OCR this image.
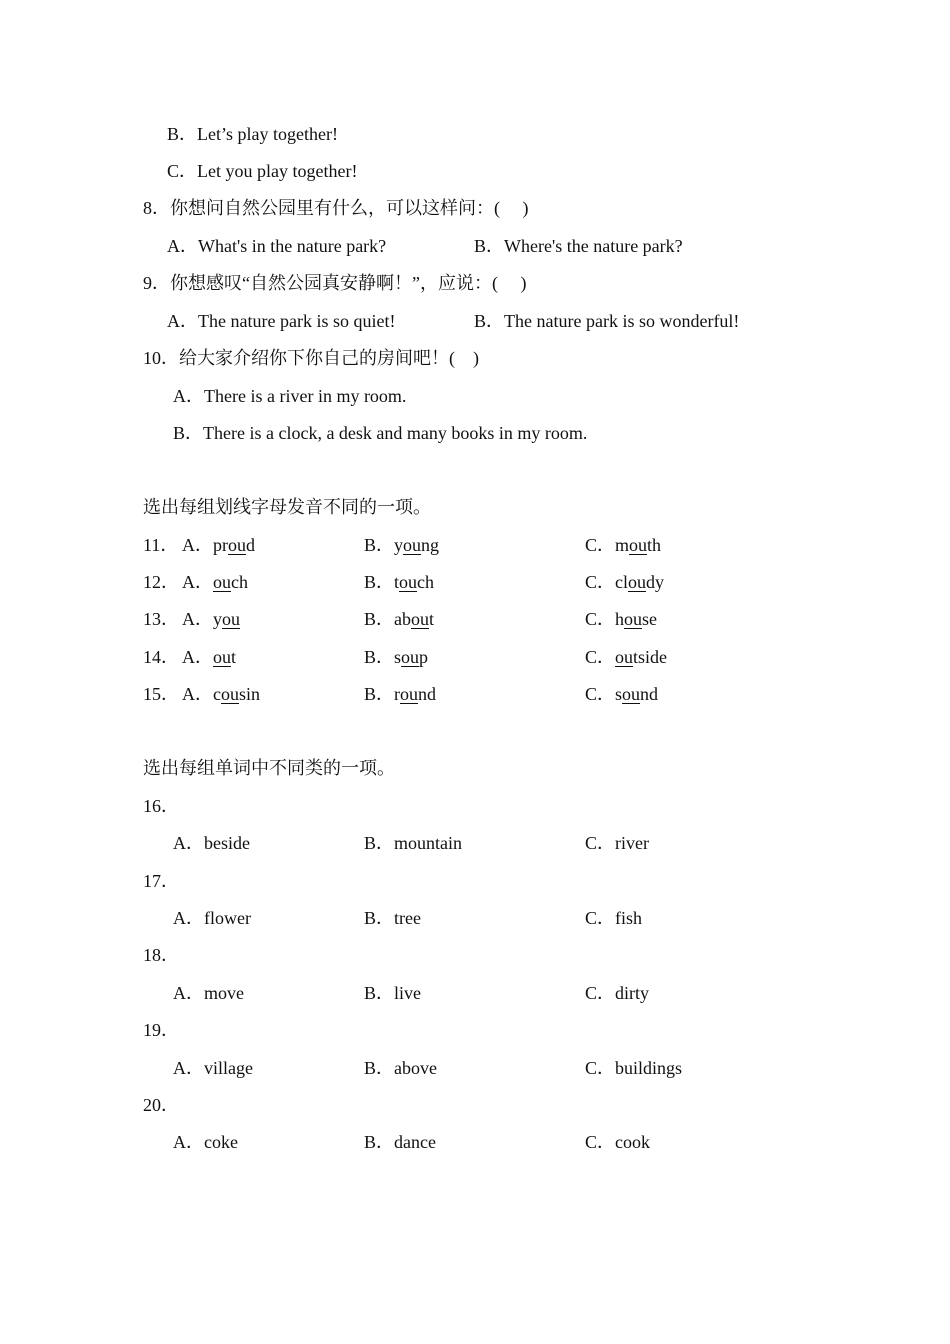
B．Let’s play together!
C．Let you play together!
8．你想问自然公园里有什么，可以这样问：(　 )
A．What's in the nature park?	B．Where's the nature park?
9．你想感叹“自然公园真安静啊！”，应说：(　 )
A．The nature park is so quiet!	B．The nature park is so wonderful!
10．给大家介绍你下你自己的房间吧！(　)
A．There is a river in my room.
B．There is a clock, a desk and many books in my room.
选出每组划线字母发音不同的一项。
11． A．proud	B．young	C．mouth
12． A．ouch	B．touch	C．cloudy
13． A．you	B．about	C．house
14． A．out	B．soup	C．outside
15． A．cousin	B．round	C．sound
选出每组单词中不同类的一项。
16．
A．beside	B．mountain	C．river
17．
A．flower	B．tree	C．fish
18．
A．move	B．live	C．dirty
19．
A．village	B．above	C．buildings
20．
A．coke	B．dance	C．cook
